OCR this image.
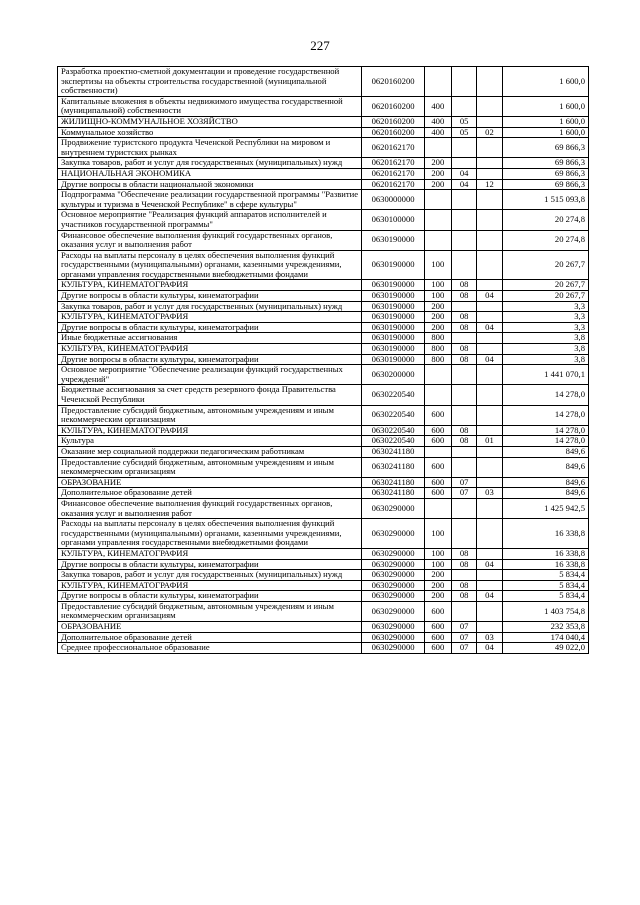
227
Разработка проектно-сметной документации и проведение государственной экспертизы на объекты строительства государственной (муниципальной собственности)	0620160200				1 600,0
Капитальные вложения в объекты недвижимого имущества государственной (муниципальной) собственности	0620160200	400			1 600,0
ЖИЛИЩНО-КОММУНАЛЬНОЕ ХОЗЯЙСТВО	0620160200	400	05		1 600,0
Коммунальное хозяйство	0620160200	400	05	02	1 600,0
Продвижение туристского продукта Чеченской Республики на мировом и внутреннем туристских рынках	0620162170				69 866,3
Закупка товаров, работ и услуг для государственных (муниципальных) нужд	0620162170	200			69 866,3
НАЦИОНАЛЬНАЯ ЭКОНОМИКА	0620162170	200	04		69 866,3
Другие вопросы в области национальной экономики	0620162170	200	04	12	69 866,3
Подпрограмма "Обеспечение реализации государственной программы "Развитие культуры и туризма в Чеченской Республике" в сфере культуры"	0630000000				1 515 093,8
Основное мероприятие "Реализация функций аппаратов исполнителей и участников государственной программы"	0630100000				20 274,8
Финансовое обеспечение выполнения функций государственных органов, оказания услуг и выполнения работ	0630190000				20 274,8
Расходы на выплаты персоналу в целях обеспечения выполнения функций государственными (муниципальными) органами, казенными учреждениями, органами управления государственными внебюджетными фондами	0630190000	100			20 267,7
КУЛЬТУРА, КИНЕМАТОГРАФИЯ	0630190000	100	08		20 267,7
Другие вопросы в области культуры, кинематографии	0630190000	100	08	04	20 267,7
Закупка товаров, работ и услуг для государственных (муниципальных) нужд	0630190000	200			3,3
КУЛЬТУРА, КИНЕМАТОГРАФИЯ	0630190000	200	08		3,3
Другие вопросы в области культуры, кинематографии	0630190000	200	08	04	3,3
Иные бюджетные ассигнования	0630190000	800			3,8
КУЛЬТУРА, КИНЕМАТОГРАФИЯ	0630190000	800	08		3,8
Другие вопросы в области культуры, кинематографии	0630190000	800	08	04	3,8
Основное мероприятие "Обеспечение реализации функций государственных учреждений"	0630200000				1 441 070,1
Бюджетные ассигнования за счет средств резервного фонда Правительства Чеченской Республики	0630220540				14 278,0
Предоставление субсидий бюджетным, автономным учреждениям и иным некоммерческим организациям	0630220540	600			14 278,0
КУЛЬТУРА, КИНЕМАТОГРАФИЯ	0630220540	600	08		14 278,0
Культура	0630220540	600	08	01	14 278,0
Оказание мер социальной поддержки педагогическим работникам	0630241180				849,6
Предоставление субсидий бюджетным, автономным учреждениям и иным некоммерческим организациям	0630241180	600			849,6
ОБРАЗОВАНИЕ	0630241180	600	07		849,6
Дополнительное образование детей	0630241180	600	07	03	849,6
Финансовое обеспечение выполнения функций государственных органов, оказания услуг и выполнения работ	0630290000				1 425 942,5
Расходы на выплаты персоналу в целях обеспечения выполнения функций государственными (муниципальными) органами, казенными учреждениями, органами управления государственными внебюджетными фондами	0630290000	100			16 338,8
КУЛЬТУРА, КИНЕМАТОГРАФИЯ	0630290000	100	08		16 338,8
Другие вопросы в области культуры, кинематографии	0630290000	100	08	04	16 338,8
Закупка товаров, работ и услуг для государственных (муниципальных) нужд	0630290000	200			5 834,4
КУЛЬТУРА, КИНЕМАТОГРАФИЯ	0630290000	200	08		5 834,4
Другие вопросы в области культуры, кинематографии	0630290000	200	08	04	5 834,4
Предоставление субсидий бюджетным, автономным учреждениям и иным некоммерческим организациям	0630290000	600			1 403 754,8
ОБРАЗОВАНИЕ	0630290000	600	07		232 353,8
Дополнительное образование детей	0630290000	600	07	03	174 040,4
Среднее профессиональное образование	0630290000	600	07	04	49 022,0
